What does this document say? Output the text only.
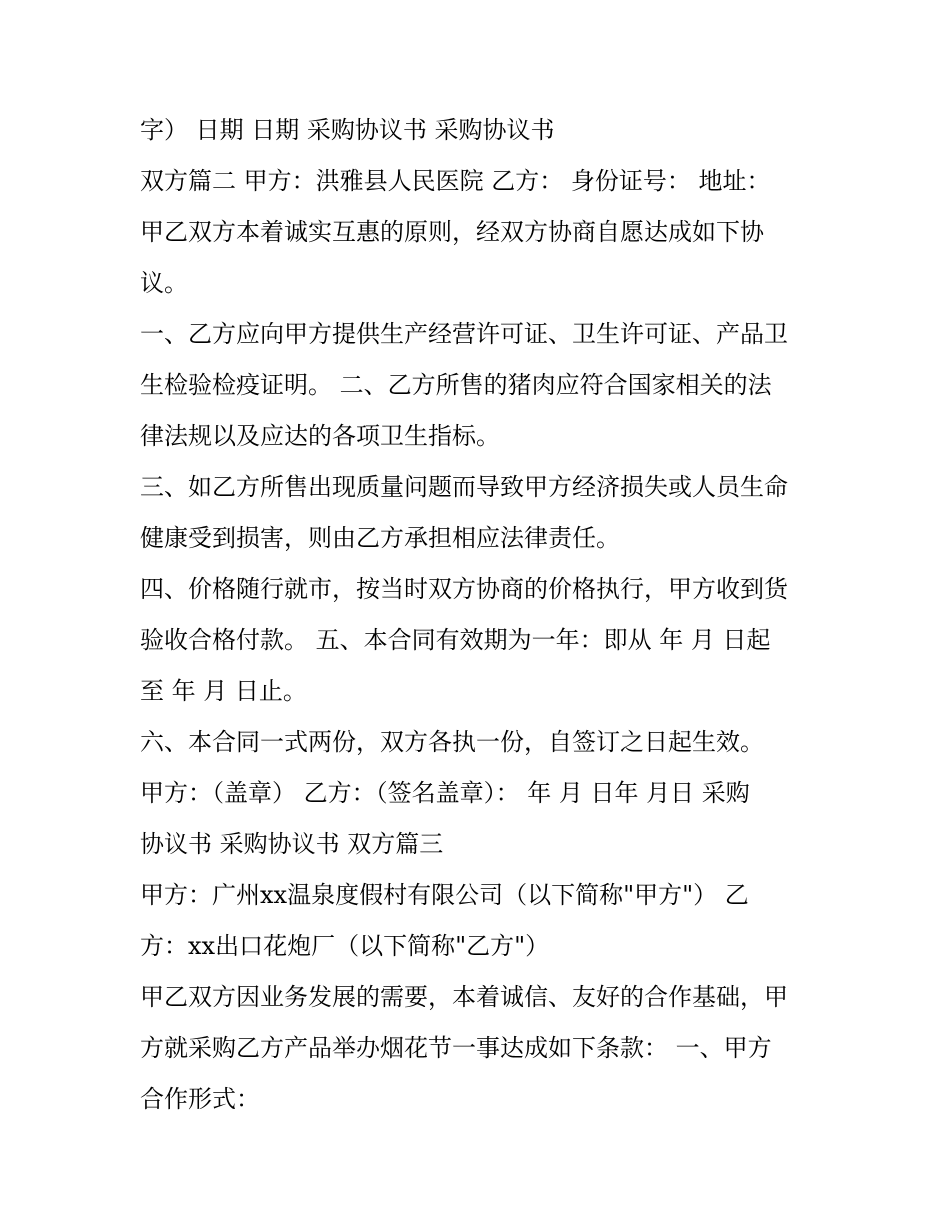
字） 日期 日期 采购协议书 采购协议书

双方篇二 甲方：洪雅县人民医院 乙方： 身份证号： 地址：

甲乙双方本着诚实互惠的原则，经双方协商自愿达成如下协

议。

一、乙方应向甲方提供生产经营许可证、卫生许可证、产品卫

生检验检疫证明。 二、乙方所售的猪肉应符合国家相关的法

律法规以及应达的各项卫生指标。

三、如乙方所售出现质量问题而导致甲方经济损失或人员生命

健康受到损害，则由乙方承担相应法律责任。

四、价格随行就市，按当时双方协商的价格执行，甲方收到货

验收合格付款。 五、本合同有效期为一年：即从 年 月 日起

至 年 月 日止。

六、本合同一式两份，双方各执一份，自签订之日起生效。

甲方：（盖章） 乙方：（签名盖章）： 年 月 日年 月日 采购

协议书 采购协议书 双方篇三

甲方：广州xx温泉度假村有限公司（以下简称"甲方"） 乙

方：xx出口花炮厂（以下简称"乙方"）

甲乙双方因业务发展的需要，本着诚信、友好的合作基础，甲

方就采购乙方产品举办烟花节一事达成如下条款： 一、甲方

合作形式：
